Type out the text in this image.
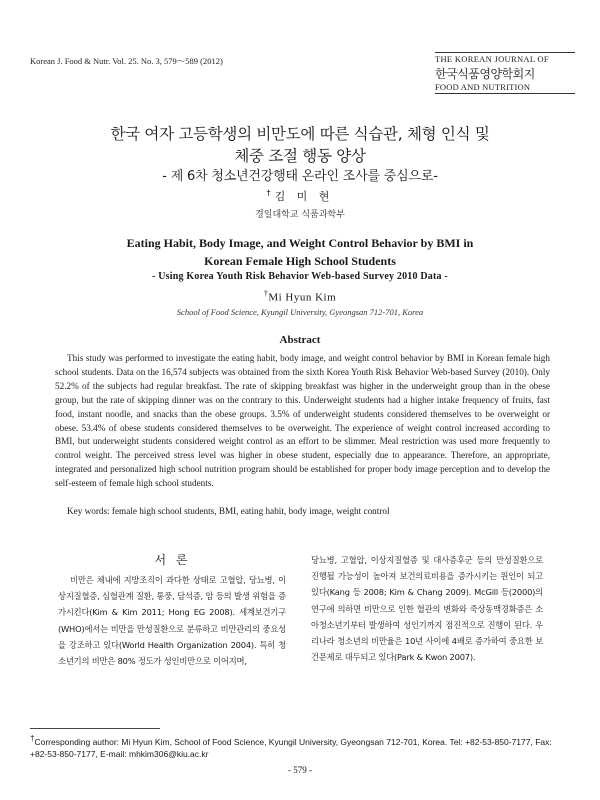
Korean J. Food & Nutr. Vol. 25. No. 3, 579～589 (2012)	THE KOREAN JOURNAL OF
한국식품영양학회지
FOOD AND NUTRITION
한국 여자 고등학생의 비만도에 따른 식습관, 체형 인식 및
체중 조절 행동 양상
- 제 6차 청소년건강행태 온라인 조사를 중심으로-
†김 미 현
경일대학교 식품과학부
Eating Habit, Body Image, and Weight Control Behavior by BMI in
Korean Female High School Students
- Using Korea Youth Risk Behavior Web-based Survey 2010 Data -
†Mi Hyun Kim
School of Food Science, Kyungil University, Gyeongsan 712-701, Korea
Abstract
This study was performed to investigate the eating habit, body image, and weight control behavior by BMI in Korean female high school students. Data on the 16,574 subjects was obtained from the sixth Korea Youth Risk Behavior Web-based Survey (2010). Only 52.2% of the subjects had regular breakfast. The rate of skipping breakfast was higher in the underweight group than in the obese group, but the rate of skipping dinner was on the contrary to this. Underweight students had a higher intake frequency of fruits, fast food, instant noodle, and snacks than the obese groups. 3.5% of underweight students considered themselves to be overweight or obese. 53.4% of obese students considered themselves to be overweight. The experience of weight control increased according to BMI, but underweight students considered weight control as an effort to be slimmer. Meal restriction was used more frequently to control weight. The perceived stress level was higher in obese student, especially due to appearance. Therefore, an appropriate, integrated and personalized high school nutrition program should be established for proper body image perception and to develop the self-esteem of female high school students.
Key words: female high school students, BMI, eating habit, body image, weight control
서 론
비만은 체내에 지방조직이 과다한 상태로 고혈압, 당뇨병, 이상지질혈증, 심혈관계 질환, 통풍, 담석증, 암 등의 발생 위험을 증가시킨다(Kim & Kim 2011; Hong EG 2008). 세계보건기구(WHO)에서는 비만을 만성질환으로 분류하고 비만관리의 중요성을 강조하고 있다(World Health Organization 2004). 특히 청소년기의 비만은 80% 정도가 성인비만으로 이어지며,
당뇨병, 고혈압, 이상지질혈증 및 대사증후군 등의 만성질환으로 진행될 가능성이 높아져 보건의료비용을 증가시키는 원인이 되고 있다(Kang 등 2008; Kim & Chang 2009). McGill 등(2000)의 연구에 의하면 비만으로 인한 혈관의 변화와 죽상동맥경화증은 소아청소년기부터 발생하여 성인기까지 점진적으로 진행이 된다. 우리나라 청소년의 비만율은 10년 사이에 4배로 증가하여 중요한 보건문제로 대두되고 있다(Park & Kwon 2007).
†Corresponding author: Mi Hyun Kim, School of Food Science, Kyungil University, Gyeongsan 712-701, Korea. Tel: +82-53-850-7177, Fax: +82-53-850-7177, E-mail: mhkim306@kiu.ac.kr
- 579 -
